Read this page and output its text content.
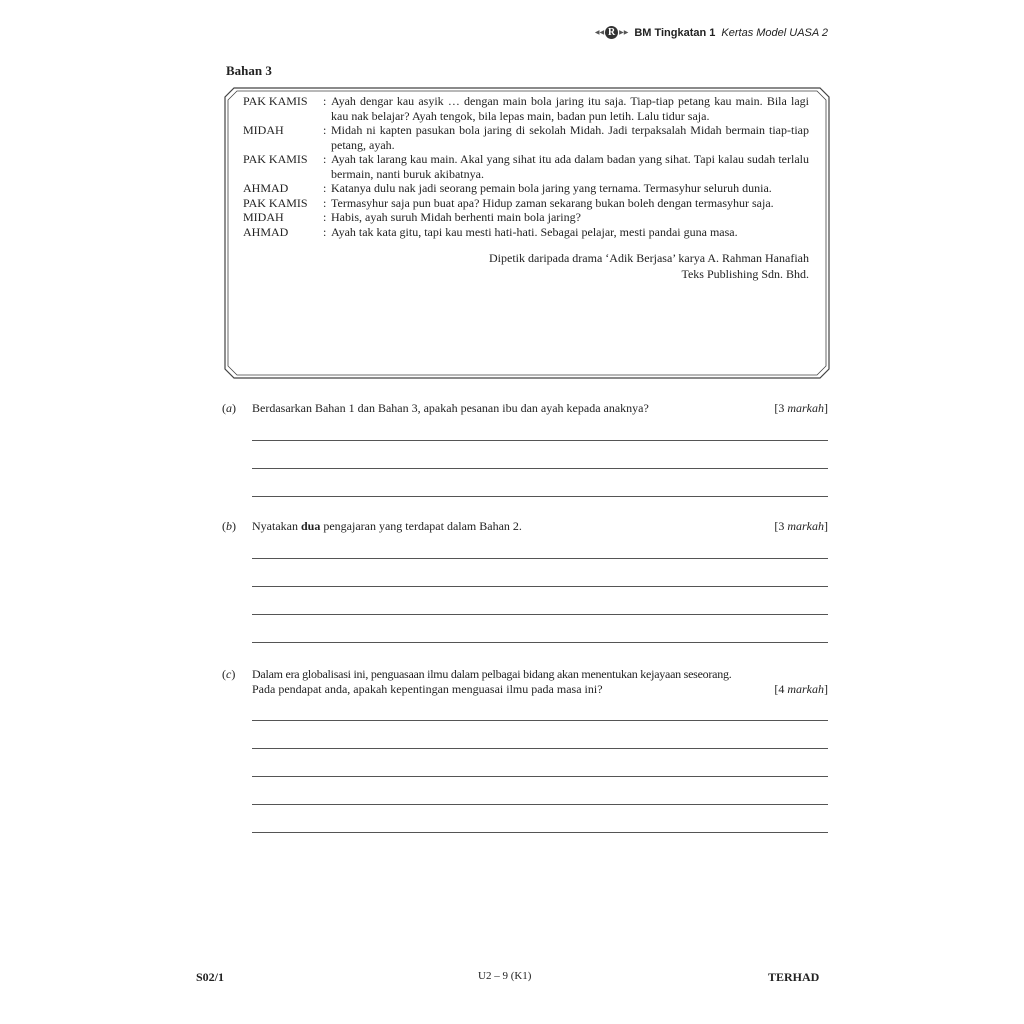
◀◀ R ▶▶ BM Tingkatan 1 Kertas Model UASA 2
Bahan 3
PAK KAMIS	: Ayah dengar kau asyik … dengan main bola jaring itu saja. Tiap-tiap petang kau main. Bila lagi kau nak belajar? Ayah tengok, bila lepas main, badan pun letih. Lalu tidur saja.
MIDAH	: Midah ni kapten pasukan bola jaring di sekolah Midah. Jadi terpaksalah Midah bermain tiap-tiap petang, ayah.
PAK KAMIS	: Ayah tak larang kau main. Akal yang sihat itu ada dalam badan yang sihat. Tapi kalau sudah terlalu bermain, nanti buruk akibatnya.
AHMAD	: Katanya dulu nak jadi seorang pemain bola jaring yang ternama. Termasyhur seluruh dunia.
PAK KAMIS	: Termasyhur saja pun buat apa? Hidup zaman sekarang bukan boleh dengan termasyhur saja.
MIDAH	: Habis, ayah suruh Midah berhenti main bola jaring?
AHMAD	: Ayah tak kata gitu, tapi kau mesti hati-hati. Sebagai pelajar, mesti pandai guna masa.
Dipetik daripada drama ‘Adik Berjasa’ karya A. Rahman Hanafiah
Teks Publishing Sdn. Bhd.
(a)	Berdasarkan Bahan 1 dan Bahan 3, apakah pesanan ibu dan ayah kepada anaknya?	[3 markah]
(b)	Nyatakan dua pengajaran yang terdapat dalam Bahan 2.	[3 markah]
(c)	Dalam era globalisasi ini, penguasaan ilmu dalam pelbagai bidang akan menentukan kejayaan seseorang.
Pada pendapat anda, apakah kepentingan menguasai ilmu pada masa ini?	[4 markah]
S02/1	U2 – 9 (K1)	TERHAD
